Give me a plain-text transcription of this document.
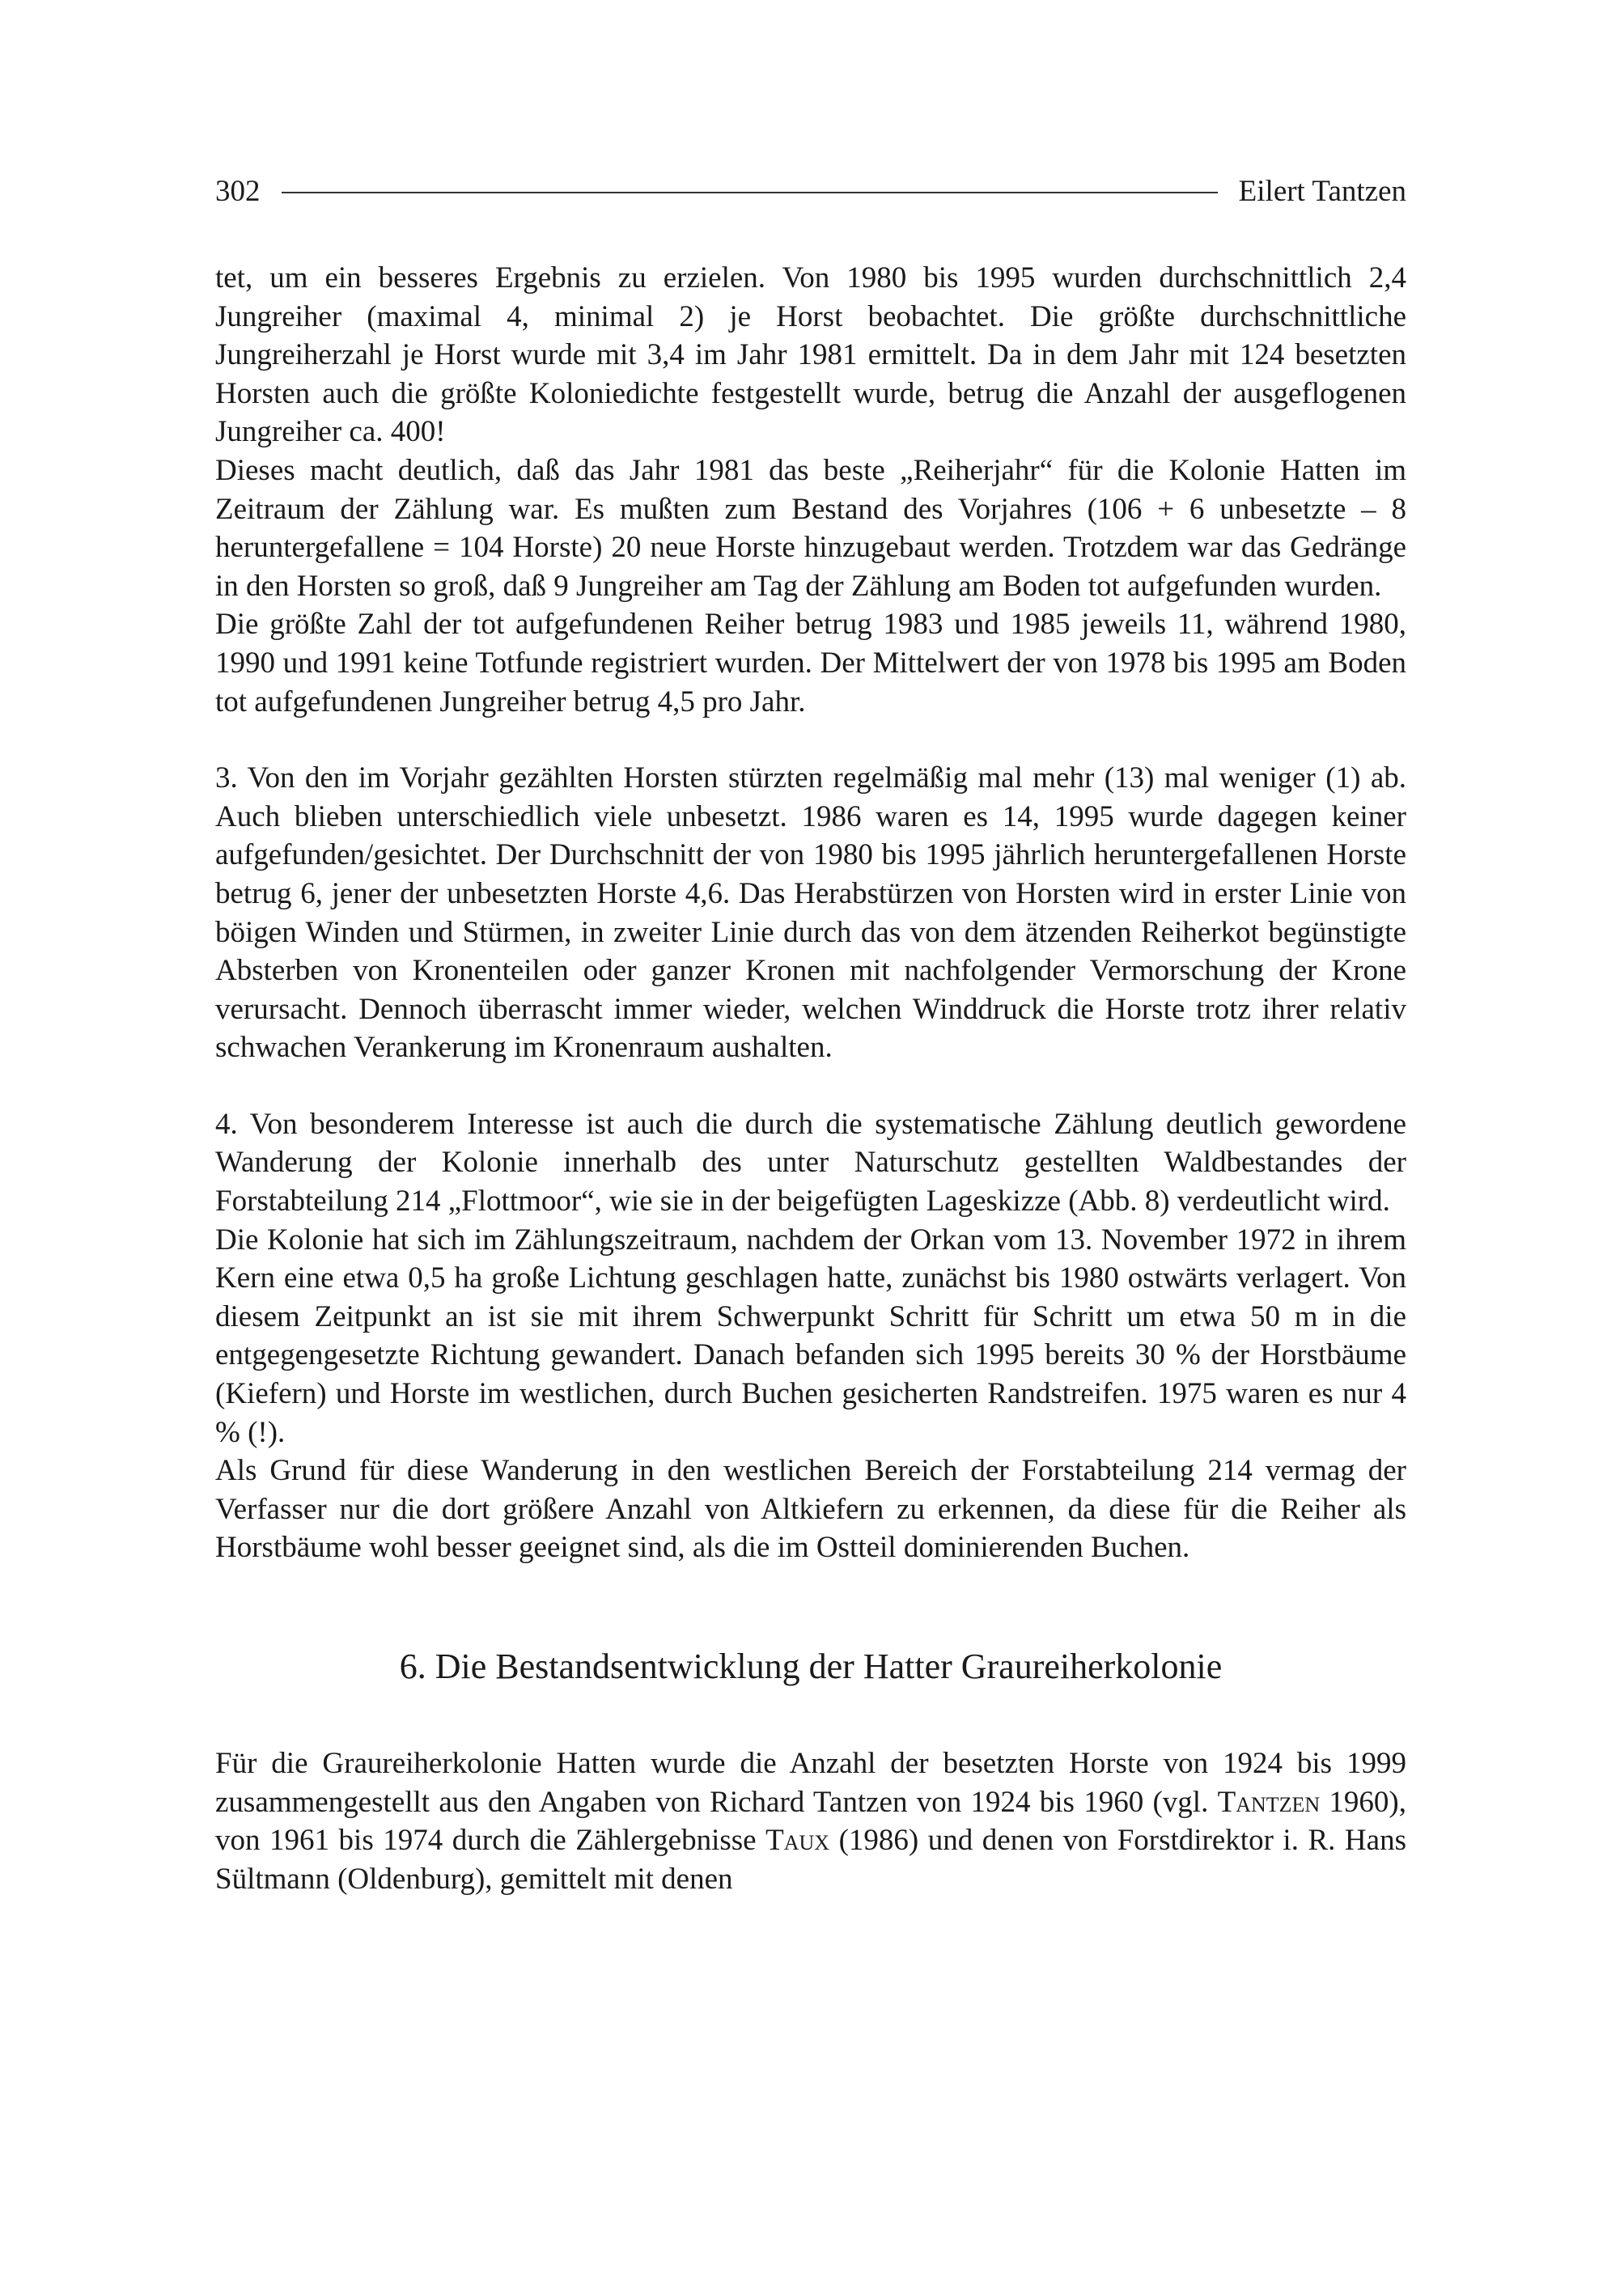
302	Eilert Tantzen

tet, um ein besseres Ergebnis zu erzielen. Von 1980 bis 1995 wurden durchschnittlich 2,4 Jungreiher (maximal 4, minimal 2) je Horst beobachtet. Die größte durchschnittliche Jungreiherzahl je Horst wurde mit 3,4 im Jahr 1981 ermittelt. Da in dem Jahr mit 124 besetzten Horsten auch die größte Koloniedichte festgestellt wurde, betrug die Anzahl der ausgeflogenen Jungreiher ca. 400!

Dieses macht deutlich, daß das Jahr 1981 das beste „Reiherjahr“ für die Kolonie Hatten im Zeitraum der Zählung war. Es mußten zum Bestand des Vorjahres (106 + 6 unbesetzte – 8 heruntergefallene = 104 Horste) 20 neue Horste hinzugebaut werden. Trotzdem war das Gedränge in den Horsten so groß, daß 9 Jungreiher am Tag der Zählung am Boden tot aufgefunden wurden.

Die größte Zahl der tot aufgefundenen Reiher betrug 1983 und 1985 jeweils 11, während 1980, 1990 und 1991 keine Totfunde registriert wurden. Der Mittelwert der von 1978 bis 1995 am Boden tot aufgefundenen Jungreiher betrug 4,5 pro Jahr.

3. Von den im Vorjahr gezählten Horsten stürzten regelmäßig mal mehr (13) mal weniger (1) ab. Auch blieben unterschiedlich viele unbesetzt. 1986 waren es 14, 1995 wurde dagegen keiner aufgefunden/gesichtet. Der Durchschnitt der von 1980 bis 1995 jährlich heruntergefallenen Horste betrug 6, jener der unbesetzten Horste 4,6. Das Herabstürzen von Horsten wird in erster Linie von böigen Winden und Stürmen, in zweiter Linie durch das von dem ätzenden Reiherkot begünstigte Absterben von Kronenteilen oder ganzer Kronen mit nachfolgender Vermorschung der Krone verursacht. Dennoch überrascht immer wieder, welchen Winddruck die Horste trotz ihrer relativ schwachen Verankerung im Kronenraum aushalten.

4. Von besonderem Interesse ist auch die durch die systematische Zählung deutlich gewordene Wanderung der Kolonie innerhalb des unter Naturschutz gestellten Waldbestandes der Forstabteilung 214 „Flottmoor“, wie sie in der beigefügten Lageskizze (Abb. 8) verdeutlicht wird.

Die Kolonie hat sich im Zählungszeitraum, nachdem der Orkan vom 13. November 1972 in ihrem Kern eine etwa 0,5 ha große Lichtung geschlagen hatte, zunächst bis 1980 ostwärts verlagert. Von diesem Zeitpunkt an ist sie mit ihrem Schwerpunkt Schritt für Schritt um etwa 50 m in die entgegengesetzte Richtung gewandert. Danach befanden sich 1995 bereits 30 % der Horstbäume (Kiefern) und Horste im westlichen, durch Buchen gesicherten Randstreifen. 1975 waren es nur 4 % (!).

Als Grund für diese Wanderung in den westlichen Bereich der Forstabteilung 214 vermag der Verfasser nur die dort größere Anzahl von Altkiefern zu erkennen, da diese für die Reiher als Horstbäume wohl besser geeignet sind, als die im Ostteil dominierenden Buchen.

6. Die Bestandsentwicklung der Hatter Graureiherkolonie

Für die Graureiherkolonie Hatten wurde die Anzahl der besetzten Horste von 1924 bis 1999 zusammengestellt aus den Angaben von Richard Tantzen von 1924 bis 1960 (vgl. Tantzen 1960), von 1961 bis 1974 durch die Zählergebnisse Taux (1986) und denen von Forstdirektor i. R. Hans Sültmann (Oldenburg), gemittelt mit denen
